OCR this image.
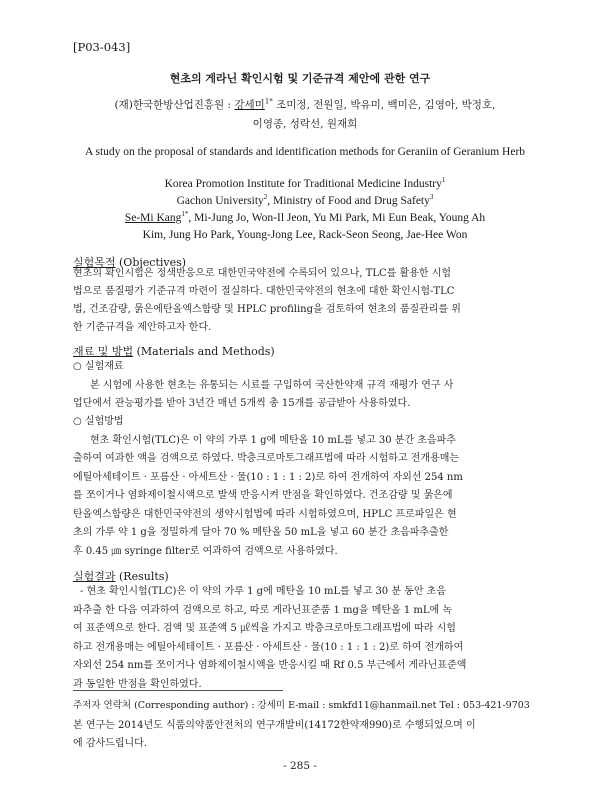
[P03-043]
현초의 게라닌 확인시험 및 기준규격 제안에 관한 연구
(재)한국한방산업진흥원 : 강세미$^{1*}$ 조미정, 전원일, 박유미, 백미은, 김영아, 박정호,
이영종, 성락선, 원재희
A study on the proposal of standards and identification methods for Geraniin of Geranium Herb
Korea Promotion Institute for Traditional Medicine Industry$^1$
Gachon University$^2$, Ministry of Food and Drug Safety$^3$
Se-Mi Kang$^{1*}$, Mi-Jung Jo, Won-Il Jeon, Yu Mi Park, Mi Eun Beak, Young Ah
Kim, Jung Ho Park, Young-Jong Lee, Rack-Seon Seong, Jae-Hee Won
실험목적 (Objectives)
현초의 확인시험은 정색반응으로 대한민국약전에 수록되어 있으나, TLC를 활용한 시험
법으로 품질평가 기준규격 마련이 절실하다. 대한민국약전의 현초에 대한 확인시험-TLC
법, 건조감량, 묽은에탄올엑스함량 및 HPLC profiling을 검토하여 현초의 품질관리를 위
한 기준규격을 제안하고자 한다.
재료 및 방법 (Materials and Methods)
○ 실험재료
본 시험에 사용한 현초는 유통되는 시료를 구입하여 국산한약재 규격 재평가 연구 사
업단에서 관능평가를 받아 3년간 매년 5개씩 총 15개를 공급받아 사용하였다.
○ 실험방법
현초 확인시험(TLC)은 이 약의 가루 1 g에 메탄올 10 mL를 넣고 30 분간 초음파추
출하여 여과한 액을 검액으로 하였다. 박층크로마토그래프법에 따라 시험하고 전개용매는
에틸아세테이트 · 포름산 · 아세트산 · 물(10 : 1 : 1 : 2)로 하여 전개하여 자외선 254 nm
를 쪼이거나 염화제이철시액으로 발색 반응시켜 반점을 확인하였다. 건조감량 및 묽은에
탄올엑스함량은 대한민국약전의 생약시험법에 따라 시험하였으며, HPLC 프로파일은 현
초의 가루 약 1 g을 정밀하게 달아 70 % 메탄올 50 mL을 넣고 60 분간 초음파추출한
후 0.45 ㎛ syringe filter로 여과하여 검액으로 사용하였다.
실험결과 (Results)
- 현초 확인시험(TLC)은 이 약의 가루 1 g에 메탄올 10 mL를 넣고 30 분 동안 초음
파추출 한 다음 여과하여 검액으로 하고, 따로 게라닌표준품 1 mg을 메탄올 1 mL에 녹
여 표준액으로 한다. 검액 및 표준액 5 ㎕씩을 가지고 박층크로마토그래프법에 따라 시험
하고 전개용매는 에틸아세테이트 · 포름산 · 아세트산 · 물(10 : 1 : 1 : 2)로 하여 전개하여
자외선 254 nm를 쪼이거나 염화제이철시액을 반응시킬 때 Rf 0.5 부근에서 게라닌표준액
과 동일한 반점을 확인하였다.
주저자 연락처 (Corresponding author) : 강세미 E-mail : smkfd11@hanmail.net Tel : 053-421-9703
본 연구는 2014년도 식품의약품안전처의 연구개발비(14172한약재990)로 수행되었으며 이
에 감사드립니다.
- 285 -
